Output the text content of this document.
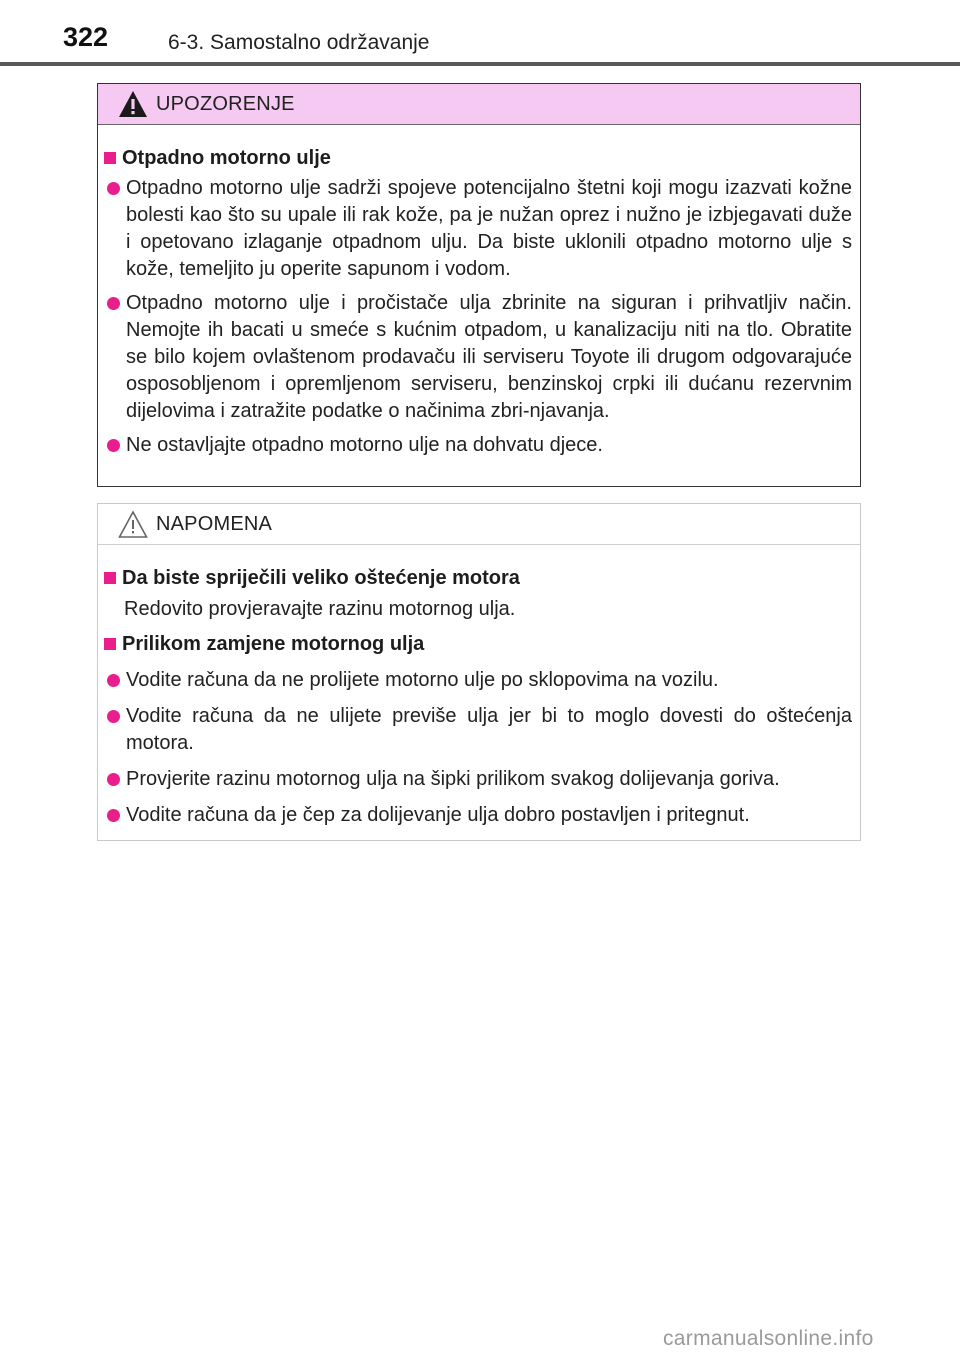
322	6-3. Samostalno održavanje
UPOZORENJE
Otpadno motorno ulje
Otpadno motorno ulje sadrži spojeve potencijalno štetni koji mogu izazvati kožne bolesti kao što su upale ili rak kože, pa je nužan oprez i nužno je izbjegavati duže i opetovano izlaganje otpadnom ulju. Da biste uklonili otpadno motorno ulje s kože, temeljito ju operite sapunom i vodom.
Otpadno motorno ulje i pročistače ulja zbrinite na siguran i prihvatljiv način. Nemojte ih bacati u smeće s kućnim otpadom, u kanalizaciju niti na tlo. Obratite se bilo kojem ovlaštenom prodavaču ili serviseru Toyote ili drugom odgovarajuće osposobljenom i opremljenom serviseru, benzinskoj crpki ili dućanu rezervnim dijelovima i zatražite podatke o načinima zbri-njavanja.
Ne ostavljajte otpadno motorno ulje na dohvatu djece.
NAPOMENA
Da biste spriječili veliko oštećenje motora
Redovito provjeravajte razinu motornog ulja.
Prilikom zamjene motornog ulja
Vodite računa da ne prolijete motorno ulje po sklopovima na vozilu.
Vodite računa da ne ulijete previše ulja jer bi to moglo dovesti do oštećenja motora.
Provjerite razinu motornog ulja na šipki prilikom svakog dolijevanja goriva.
Vodite računa da je čep za dolijevanje ulja dobro postavljen i pritegnut.
carmanualsonline.info
